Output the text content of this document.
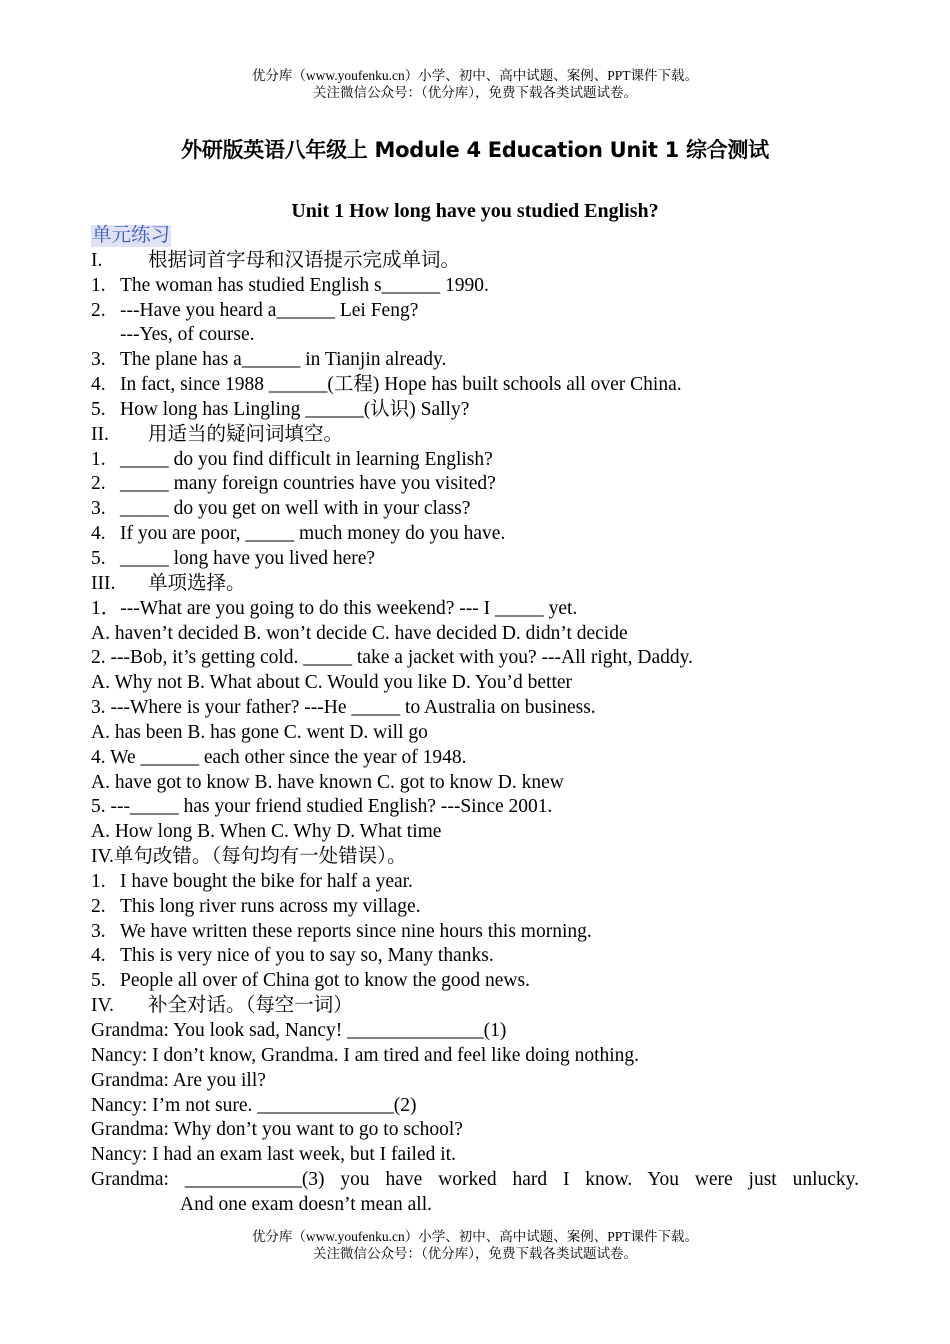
优分库（www.youfenku.cn）小学、初中、高中试题、案例、PPT课件下载。
关注微信公众号：（优分库），免费下载各类试题试卷。
外研版英语八年级上 Module 4 Education Unit 1 综合测试
Unit 1 How long have you studied English?
单元练习
I. 根据词首字母和汉语提示完成单词。
1. The woman has studied English s______ 1990.
2. ---Have you heard a______ Lei Feng?
---Yes, of course.
3. The plane has a______ in Tianjin already.
4. In fact, since 1988 ______(工程) Hope has built schools all over China.
5. How long has Lingling ______(认识) Sally?
II. 用适当的疑问词填空。
1. _____ do you find difficult in learning English?
2. _____ many foreign countries have you visited?
3. _____ do you get on well with in your class?
4. If you are poor, _____ much money do you have.
5. _____ long have you lived here?
III. 单项选择。
1．---What are you going to do this weekend? --- I _____ yet.
A. haven’t decided B. won’t decide C. have decided D. didn’t decide
2. ---Bob, it’s getting cold. _____ take a jacket with you? ---All right, Daddy.
A. Why not B. What about C. Would you like D. You’d better
3. ---Where is your father? ---He _____ to Australia on business.
A. has been B. has gone C. went D. will go
4. We ______ each other since the year of 1948.
A. have got to know B. have known C. got to know D. knew
5. ---_____ has your friend studied English? ---Since 2001.
A. How long B. When C. Why D. What time
IV.单句改错。（每句均有一处错误）。
1. I have bought the bike for half a year.
2. This long river runs across my village.
3. We have written these reports since nine hours this morning.
4. This is very nice of you to say so, Many thanks.
5. People all over of China got to know the good news.
IV. 补全对话。（每空一词）
Grandma: You look sad, Nancy! ______________(1)
Nancy: I don’t know, Grandma. I am tired and feel like doing nothing.
Grandma: Are you ill?
Nancy: I’m not sure. ______________(2)
Grandma: Why don’t you want to go to school?
Nancy: I had an exam last week, but I failed it.
Grandma: ____________(3) you have worked hard I know. You were just unlucky.
And one exam doesn’t mean all.
优分库（www.youfenku.cn）小学、初中、高中试题、案例、PPT课件下载。
关注微信公众号：（优分库），免费下载各类试题试卷。
